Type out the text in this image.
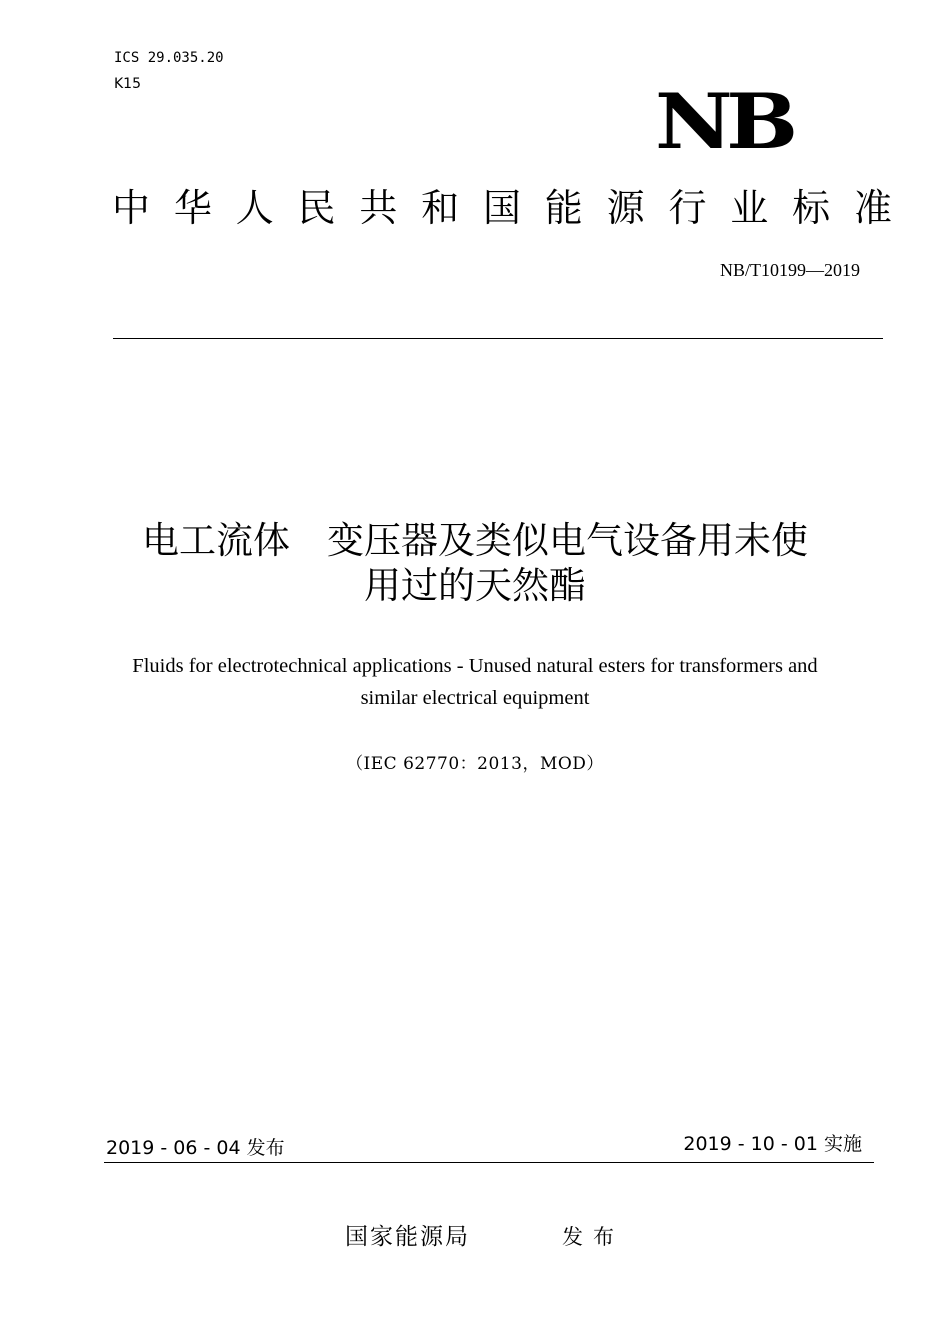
ICS 29.035.20
K15	NB
中 华 人 民 共 和 国 能 源 行 业 标 准
NB/T10199—2019
电工流体　变压器及类似电气设备用未使
用过的天然酯
Fluids for electrotechnical applications - Unused natural esters for transformers and
similar electrical equipment
（IEC 62770：2013，MOD）
2019 - 06 - 04 发布	2019 - 10 - 01 实施
国家能源局	发布
